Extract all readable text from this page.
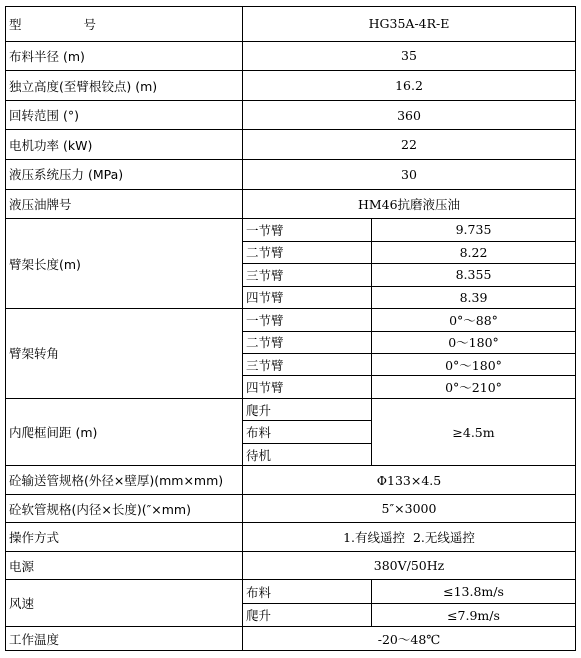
型 号	HG35A-4R-E	
布料半径 (m)	35	
独立高度(至臂根铰点) (m)	16.2	
回转范围 (°)	360	
电机功率 (kW)	22	
液压系统压力 (MPa)	30	
液压油牌号	HM46抗磨液压油	
臂架长度(m)	一节臂	9.735
	二节臂	8.22
	三节臂	8.355
	四节臂	8.39
臂架转角	一节臂	0°～88°
	二节臂	0～180°
	三节臂	0°～180°
	四节臂	0°～210°
内爬框间距 (m)	爬升	≥4.5m
	布料	
	待机	
砼输送管规格(外径×壁厚)(mm×mm)	Φ133×4.5	
砼软管规格(内径×长度)(″×mm)	5″×3000	
操作方式	1.有线遥控  2.无线遥控	
电源	380V/50Hz	
风速	布料	≤13.8m/s
	爬升	≤7.9m/s
工作温度	-20～48℃	
